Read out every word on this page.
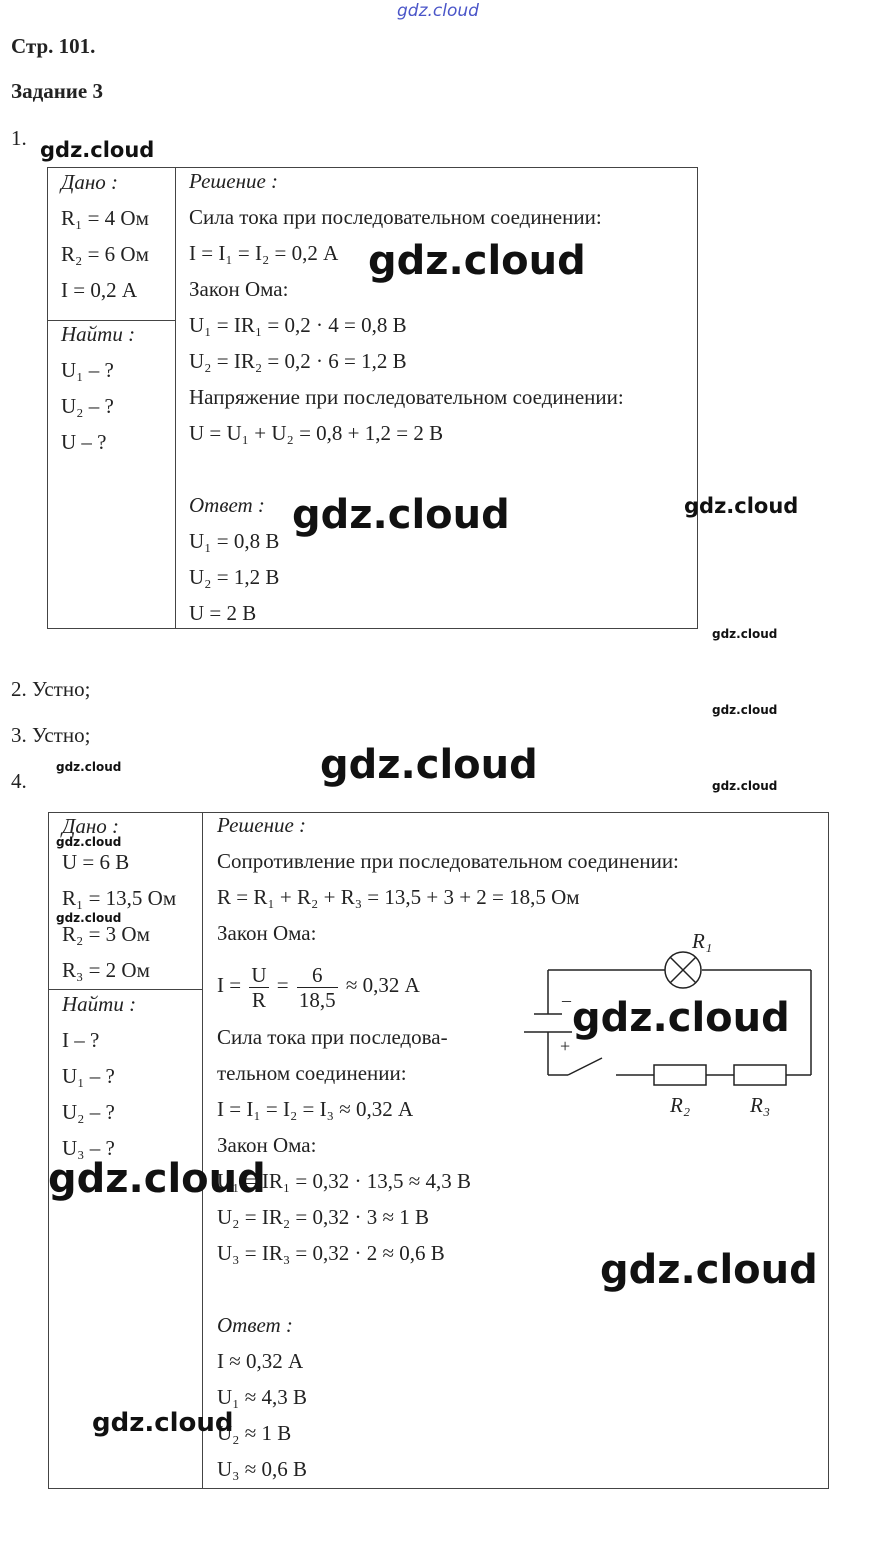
gdz.cloud
Стр. 101.
Задание 3
1.
Дано :
R₁ = 4 Ом
R₂ = 6 Ом
I = 0,2 А
Найти :
U₁ – ?
U₂ – ?
U – ?
Решение :
Сила тока при последовательном соединении:
I = I₁ = I₂ = 0,2 А
Закон Ома:
U₁ = IR₁ = 0,2 · 4 = 0,8 В
U₂ = IR₂ = 0,2 · 6 = 1,2 В
Напряжение при последовательном соединении:
U = U₁ + U₂ = 0,8 + 1,2 = 2 В
Ответ :
U₁ = 0,8 В
U₂ = 1,2 В
U = 2 В
2. Устно;
3. Устно;
4.
Дано :
U = 6 В
R₁ = 13,5 Ом
R₂ = 3 Ом
R₃ = 2 Ом
Найти :
I – ?
U₁ – ?
U₂ – ?
U₃ – ?
Решение :
Сопротивление при последовательном соединении:
R = R₁ + R₂ + R₃ = 13,5 + 3 + 2 = 18,5 Ом
Закон Ома:
$I = \frac{U}{R} = \frac{6}{18,5} \approx 0,32$ А
Сила тока при последова-
тельном соединении:
I = I₁ = I₂ = I₃ ≈ 0,32 А
Закон Ома:
U₁ = IR₁ = 0,32 · 13,5 ≈ 4,3 В
U₂ = IR₂ = 0,32 · 3 ≈ 1 В
U₃ = IR₃ = 0,32 · 2 ≈ 0,6 В
Ответ :
I ≈ 0,32 А
U₁ ≈ 4,3 В
U₂ ≈ 1 В
U₃ ≈ 0,6 В
R₁
R₂	R₃
–
+
gdz.cloud
gdz.cloud
gdz.cloud	gdz.cloud
gdz.cloud
gdz.cloud
gdz.cloud	gdz.cloud	gdz.cloud
gdz.cloud
gdz.cloud
gdz.cloud
gdz.cloud
gdz.cloud
gdz.cloud
